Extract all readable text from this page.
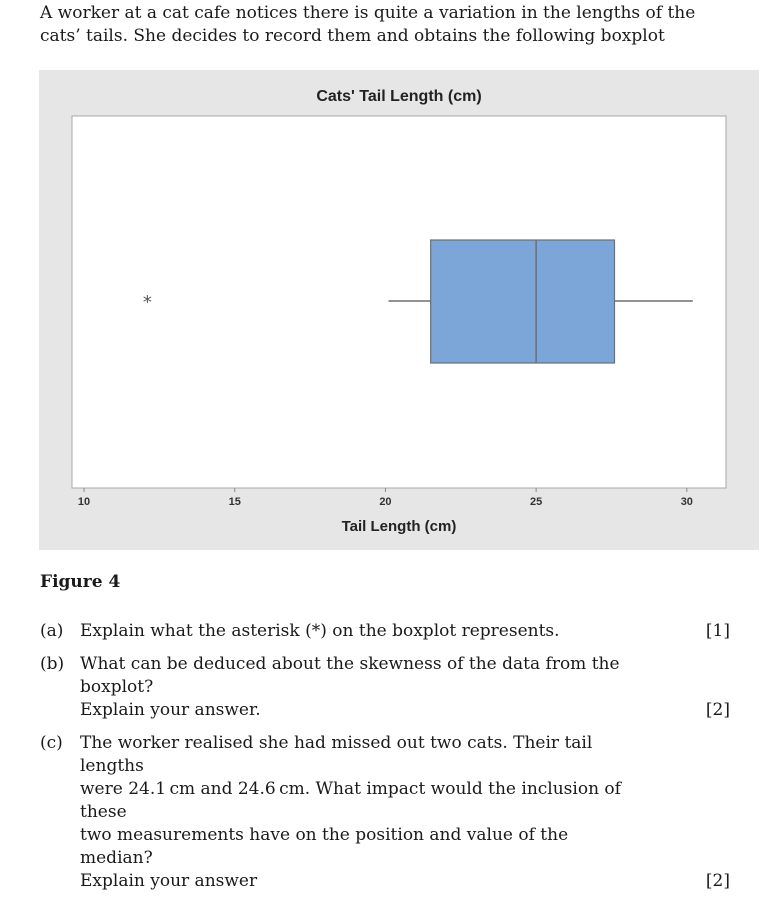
A worker at a cat cafe notices there is quite a variation in the lengths of the

cats’ tails. She decides to record them and obtains the following boxplot

Cats' Tail Length (cm)
*
10	15	20	25	30
Tail Length (cm)
Figure 4
(a) Explain what the asterisk (*) on the boxplot represents.	[1]
(b) What can be deduced about the skewness of the data from the boxplot?
Explain your answer.	[2]
(c) The worker realised she had missed out two cats. Their tail lengths
were 24.1 cm and 24.6 cm. What impact would the inclusion of these
two measurements have on the position and value of the median?
Explain your answer	[2]
